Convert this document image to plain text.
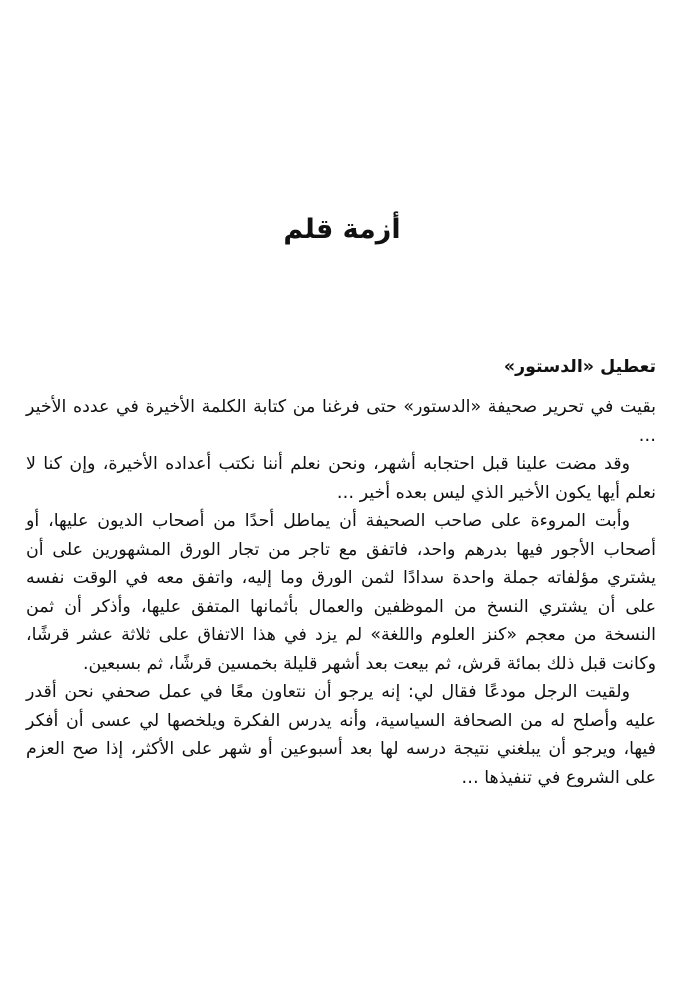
أزمة قلم
تعطيل «الدستور»

بقيت في تحرير صحيفة «الدستور» حتى فرغنا من كتابة الكلمة الأخيرة في عدده الأخير …

وقد مضت علينا قبل احتجابه أشهر، ونحن نعلم أننا نكتب أعداده الأخيرة، وإن كنا لا نعلم أيها يكون الأخير الذي ليس بعده أخير …

وأبت المروءة على صاحب الصحيفة أن يماطل أحدًا من أصحاب الديون عليها، أو أصحاب الأجور فيها بدرهم واحد، فاتفق مع تاجر من تجار الورق المشهورين على أن يشتري مؤلفاته جملة واحدة سدادًا لثمن الورق وما إليه، واتفق معه في الوقت نفسه على أن يشتري النسخ من الموظفين والعمال بأثمانها المتفق عليها، وأذكر أن ثمن النسخة من معجم «كنز العلوم واللغة» لم يزد في هذا الاتفاق على ثلاثة عشر قرشًا، وكانت قبل ذلك بمائة قرش، ثم بيعت بعد أشهر قليلة بخمسين قرشًا، ثم بسبعين.

ولقيت الرجل مودعًا فقال لي: إنه يرجو أن نتعاون معًا في عمل صحفي نحن أقدر عليه وأصلح له من الصحافة السياسية، وأنه يدرس الفكرة ويلخصها لي عسى أن أفكر فيها، ويرجو أن يبلغني نتيجة درسه لها بعد أسبوعين أو شهر على الأكثر، إذا صح العزم على الشروع في تنفيذها …
